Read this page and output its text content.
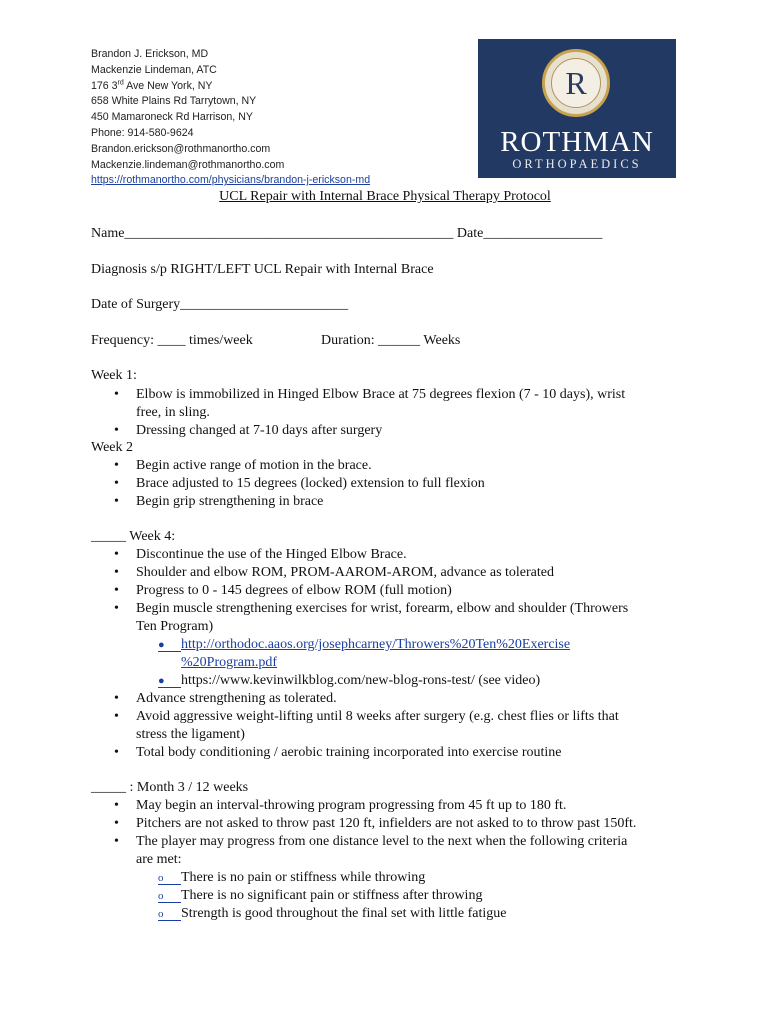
Brandon J. Erickson, MD
Mackenzie Lindeman, ATC
176 3rd Ave New York, NY
658 White Plains Rd Tarrytown, NY
450 Mamaroneck Rd Harrison, NY
Phone: 914-580-9624
Brandon.erickson@rothmanortho.com
Mackenzie.lindeman@rothmanortho.com
https://rothmanortho.com/physicians/brandon-j-erickson-md
R
ROTHMAN
ORTHOPAEDICS
UCL Repair with Internal Brace Physical Therapy Protocol
Name_______________________________________________ Date_________________
Diagnosis s/p RIGHT/LEFT UCL Repair with Internal Brace
Date of Surgery________________________
Frequency: ____ times/week	Duration: ______ Weeks
Week 1:
• Elbow is immobilized in Hinged Elbow Brace at 75 degrees flexion (7 - 10 days), wrist
free, in sling.
• Dressing changed at 7-10 days after surgery
Week 2
• Begin active range of motion in the brace.
• Brace adjusted to 15 degrees (locked) extension to full flexion
• Begin grip strengthening in brace
_____ Week 4:
• Discontinue the use of the Hinged Elbow Brace.
• Shoulder and elbow ROM, PROM-AAROM-AROM, advance as tolerated
• Progress to 0 - 145 degrees of elbow ROM (full motion)
• Begin muscle strengthening exercises for wrist, forearm, elbow and shoulder (Throwers
Ten Program)
● http://orthodoc.aaos.org/josephcarney/Throwers%20Ten%20Exercise
%20Program.pdf
● https://www.kevinwilkblog.com/new-blog-rons-test/ (see video)
• Advance strengthening as tolerated.
• Avoid aggressive weight-lifting until 8 weeks after surgery (e.g. chest flies or lifts that
stress the ligament)
• Total body conditioning / aerobic training incorporated into exercise routine
_____ : Month 3 / 12 weeks
• May begin an interval-throwing program progressing from 45 ft up to 180 ft.
• Pitchers are not asked to throw past 120 ft, infielders are not asked to to throw past 150ft.
• The player may progress from one distance level to the next when the following criteria
are met:
o There is no pain or stiffness while throwing
o There is no significant pain or stiffness after throwing
o Strength is good throughout the final set with little fatigue
